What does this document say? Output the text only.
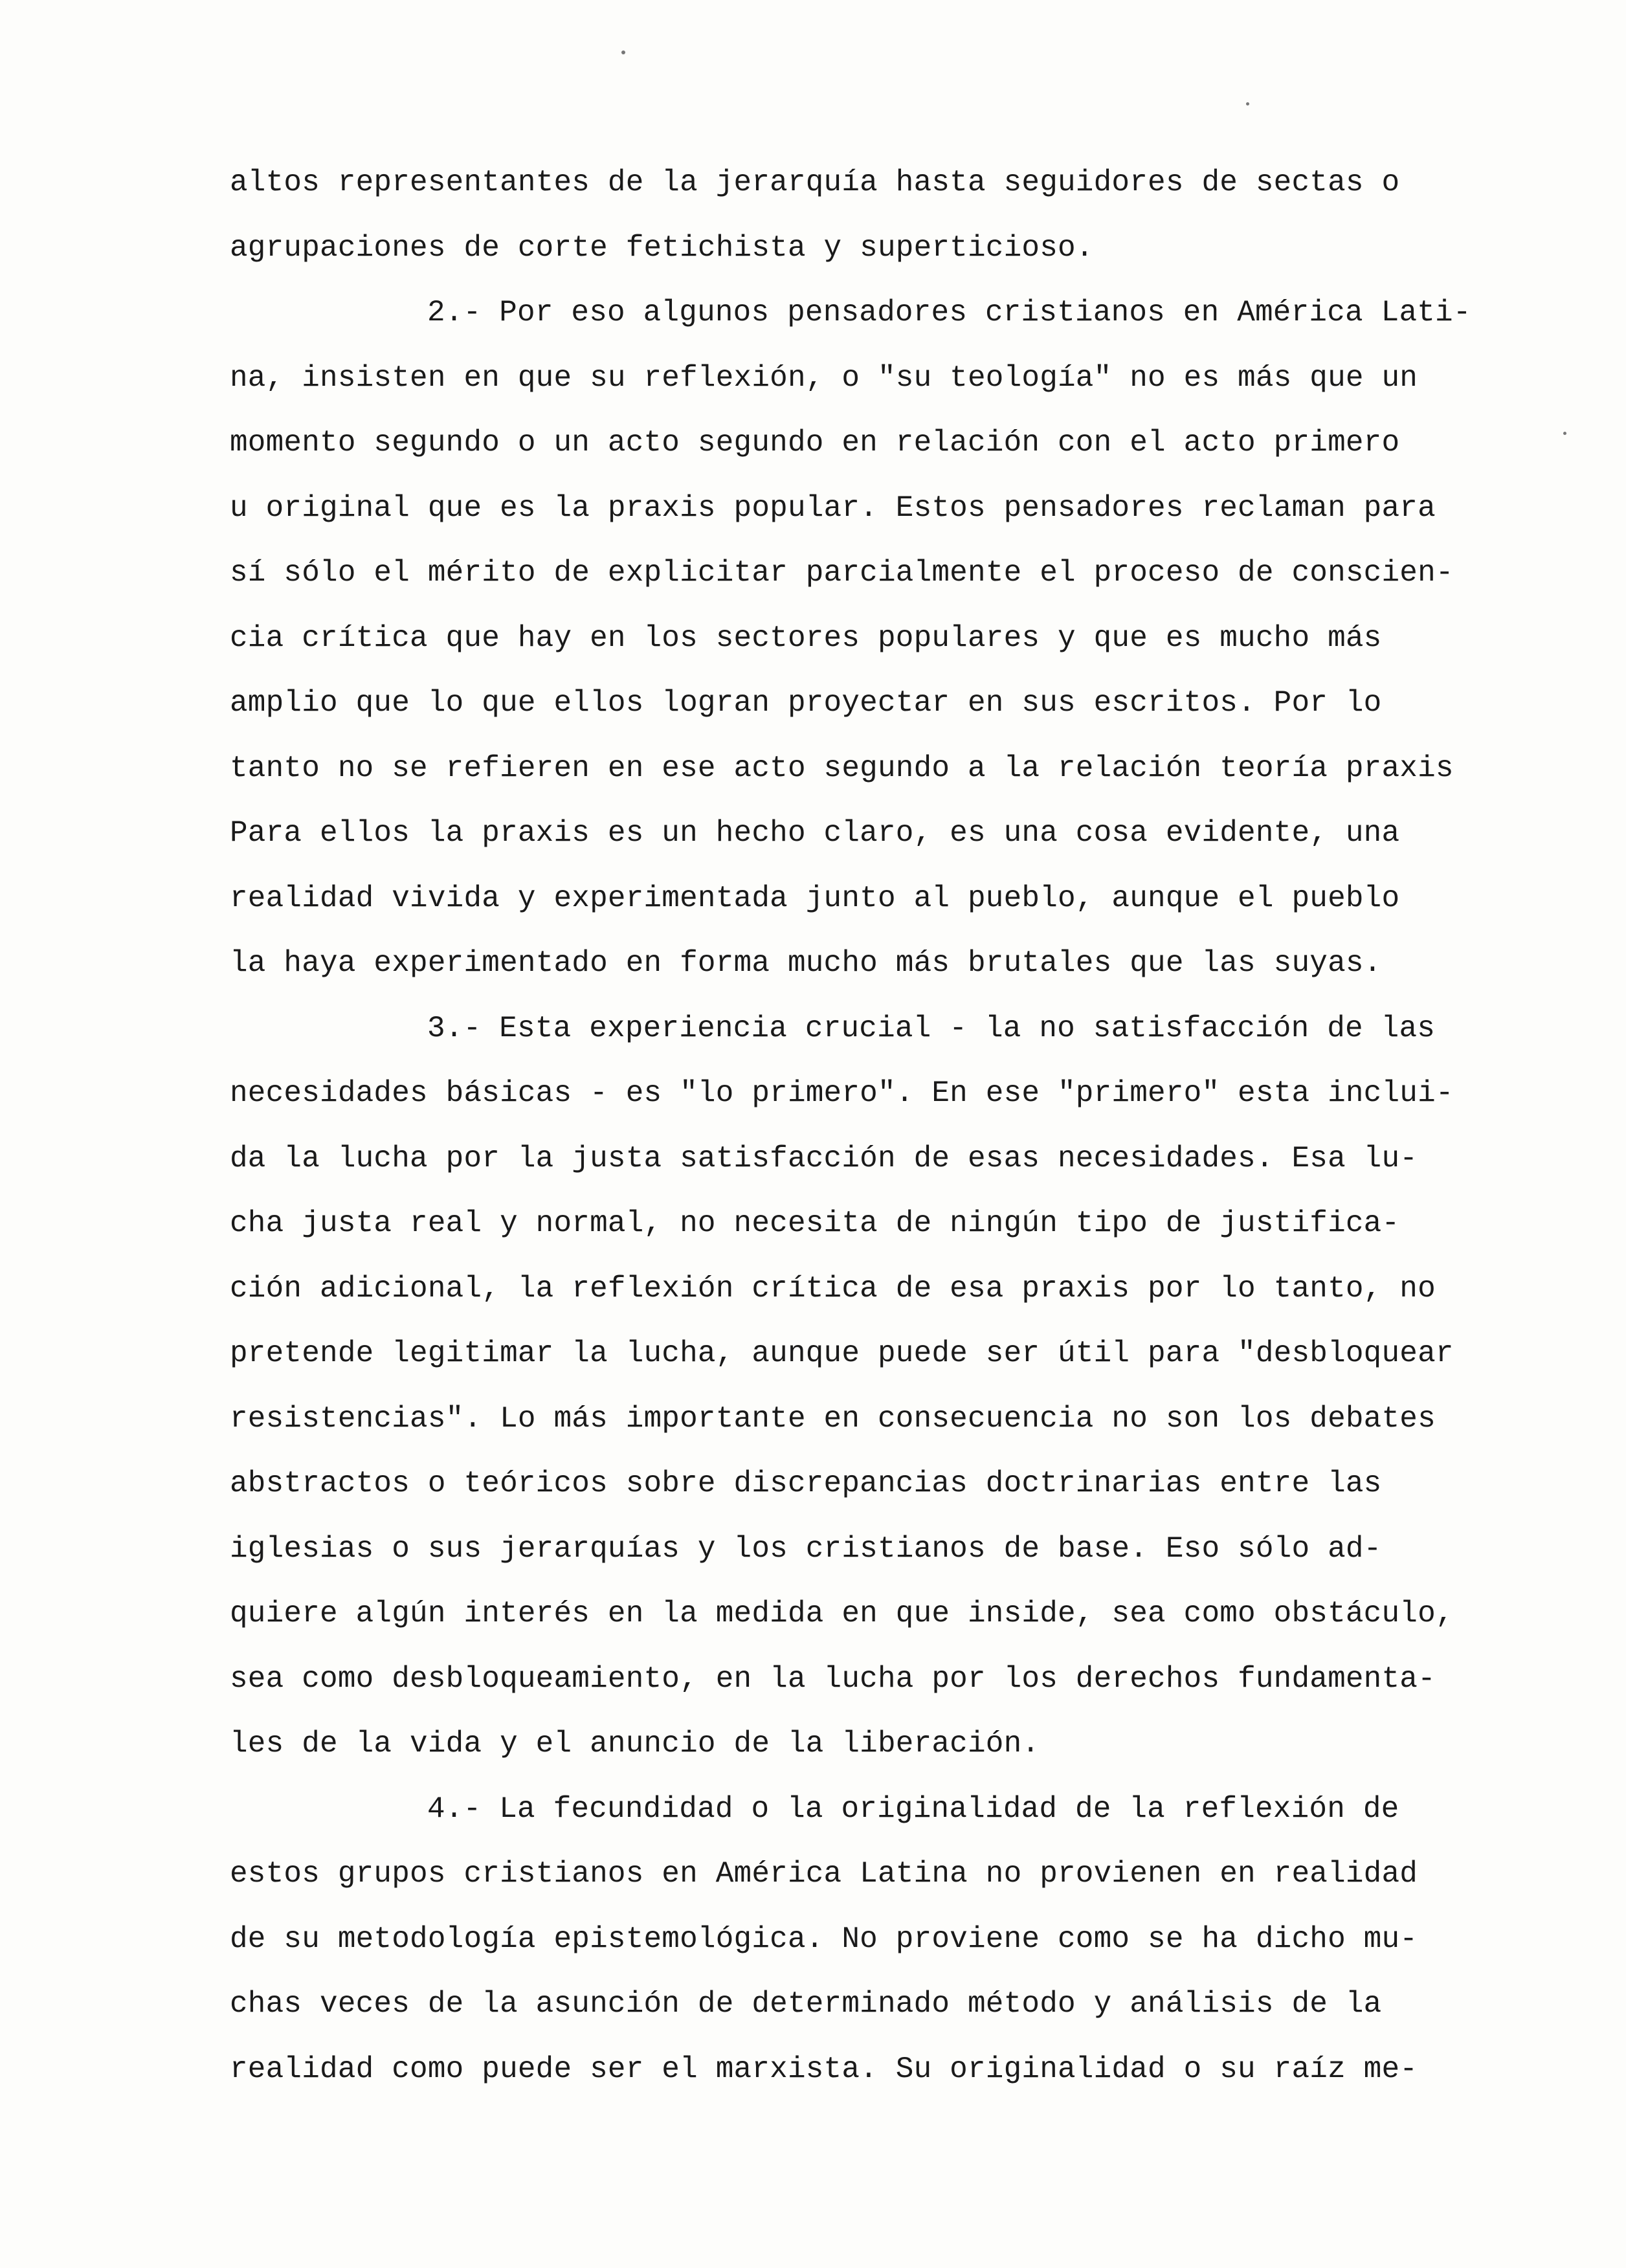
altos representantes de la jerarquía hasta seguidores de sectas o
agrupaciones de corte fetichista y superticioso.
2.- Por eso algunos pensadores cristianos en América Lati-
na, insisten en que su reflexión, o "su teología" no es más que un
momento segundo o un acto segundo en relación con el acto primero
u original que es la praxis popular. Estos pensadores reclaman para
sí sólo el mérito de explicitar parcialmente el proceso de conscien-
cia crítica que hay en los sectores populares y que es mucho más
amplio que lo que ellos logran proyectar en sus escritos. Por lo
tanto no se refieren en ese acto segundo a la relación teoría praxis
Para ellos la praxis es un hecho claro, es una cosa evidente, una
realidad vivida y experimentada junto al pueblo, aunque el pueblo
la haya experimentado en forma mucho más brutales que las suyas.
3.- Esta experiencia crucial - la no satisfacción de las
necesidades básicas - es "lo primero". En ese "primero" esta inclui-
da la lucha por la justa satisfacción de esas necesidades. Esa lu-
cha justa real y normal, no necesita de ningún tipo de justifica-
ción adicional, la reflexión crítica de esa praxis por lo tanto, no
pretende legitimar la lucha, aunque puede ser útil para "desbloquear
resistencias". Lo más importante en consecuencia no son los debates
abstractos o teóricos sobre discrepancias doctrinarias entre las
iglesias o sus jerarquías y los cristianos de base. Eso sólo ad-
quiere algún interés en la medida en que inside, sea como obstáculo,
sea como desbloqueamiento, en la lucha por los derechos fundamenta-
les de la vida y el anuncio de la liberación.
4.- La fecundidad o la originalidad de la reflexión de
estos grupos cristianos en América Latina no provienen en realidad
de su metodología epistemológica. No proviene como se ha dicho mu-
chas veces de la asunción de determinado método y análisis de la
realidad como puede ser el marxista. Su originalidad o su raíz me-
